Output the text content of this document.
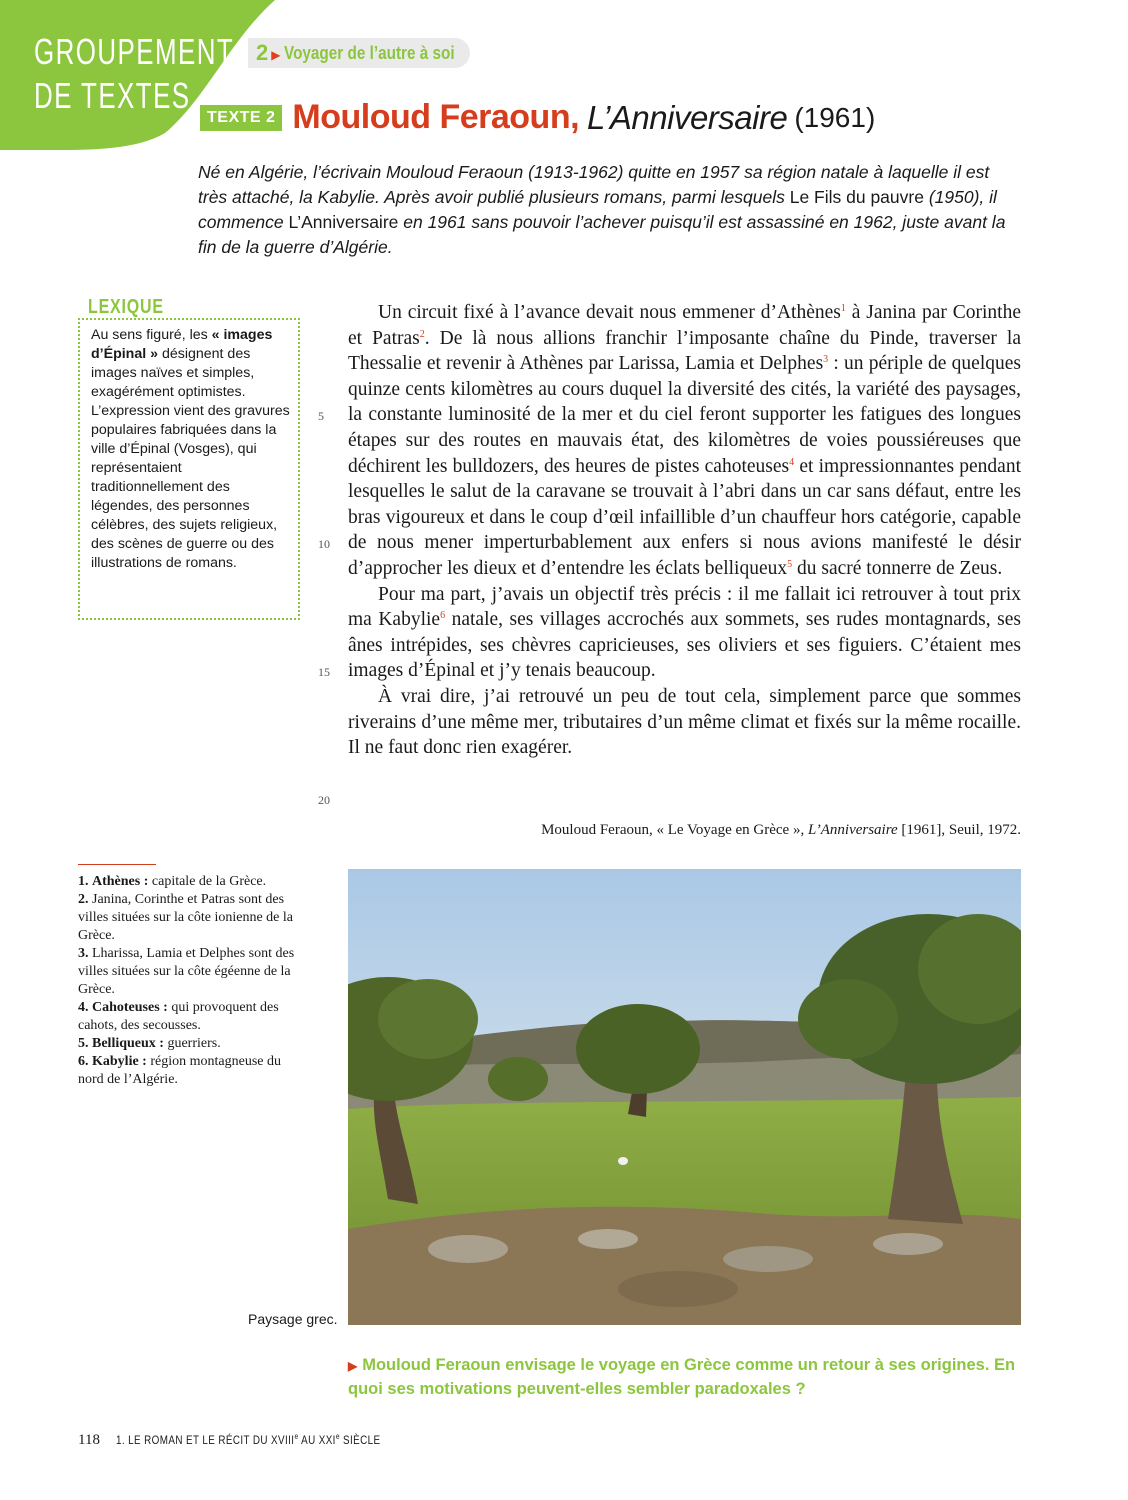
GROUPEMENT
DE TEXTES
2 ▶ Voyager de l’autre à soi
TEXTE 2 Mouloud Feraoun, L’Anniversaire (1961)
Né en Algérie, l’écrivain Mouloud Feraoun (1913-1962) quitte en 1957 sa région natale à laquelle il est très attaché, la Kabylie. Après avoir publié plusieurs romans, parmi lesquels Le Fils du pauvre (1950), il commence L’Anniversaire en 1961 sans pouvoir l’achever puisqu’il est assassiné en 1962, juste avant la fin de la guerre d’Algérie.
LEXIQUE
Au sens figuré, les « images d’Épinal » désignent des images naïves et simples, exagérément optimistes. L’expression vient des gravures populaires fabriquées dans la ville d’Épinal (Vosges), qui représentaient traditionnellement des légendes, des personnes célèbres, des sujets religieux, des scènes de guerre ou des illustrations de romans.

Un circuit fixé à l’avance devait nous emmener d’Athènes$^1$ à Janina par Corinthe et Patras$^2$. De là nous allions franchir l’imposante chaîne du Pinde, traverser la Thessalie et revenir à Athènes par Larissa, Lamia et Delphes$^3$ : un périple de quelques quinze cents kilomètres au cours duquel la diversité des cités, la variété des paysages, la constante luminosité de la mer et du ciel feront supporter les fatigues des longues étapes sur des routes en mauvais état, des kilomètres de voies poussiéreuses que déchirent les bulldozers, des heures de pistes cahoteuses$^4$ et impressionnantes pendant lesquelles le salut de la caravane se trouvait à l’abri dans un car sans défaut, entre les bras vigoureux et dans le coup d’œil infaillible d’un chauffeur hors catégorie, capable de nous mener imperturbablement aux enfers si nous avions manifesté le désir d’approcher les dieux et d’entendre les éclats belliqueux$^5$ du sacré tonnerre de Zeus.

Pour ma part, j’avais un objectif très précis : il me fallait ici retrouver à tout prix ma Kabylie$^6$ natale, ses villages accrochés aux sommets, ses rudes montagnards, ses ânes intrépides, ses chèvres capricieuses, ses oliviers et ses figuiers. C’étaient mes images d’Épinal et j’y tenais beaucoup.

À vrai dire, j’ai retrouvé un peu de tout cela, simplement parce que sommes riverains d’une même mer, tributaires d’un même climat et fixés sur la même rocaille. Il ne faut donc rien exagérer.

5
10
15
20
Mouloud Feraoun, « Le Voyage en Grèce », L’Anniversaire [1961], Seuil, 1972.
1. Athènes : capitale de la Grèce.
2. Janina, Corinthe et Patras sont des villes situées sur la côte ionienne de la Grèce.
3. Lharissa, Lamia et Delphes sont des villes situées sur la côte égéenne de la Grèce.
4. Cahoteuses : qui provoquent des cahots, des secousses.
5. Belliqueux : guerriers.
6. Kabylie : région montagneuse du nord de l’Algérie.
Paysage grec.
▶ Mouloud Feraoun envisage le voyage en Grèce comme un retour à ses origines. En quoi ses motivations peuvent-elles sembler paradoxales ?
118 1. LE ROMAN ET LE RÉCIT DU XVIIIe AU XXIe SIÈCLE
